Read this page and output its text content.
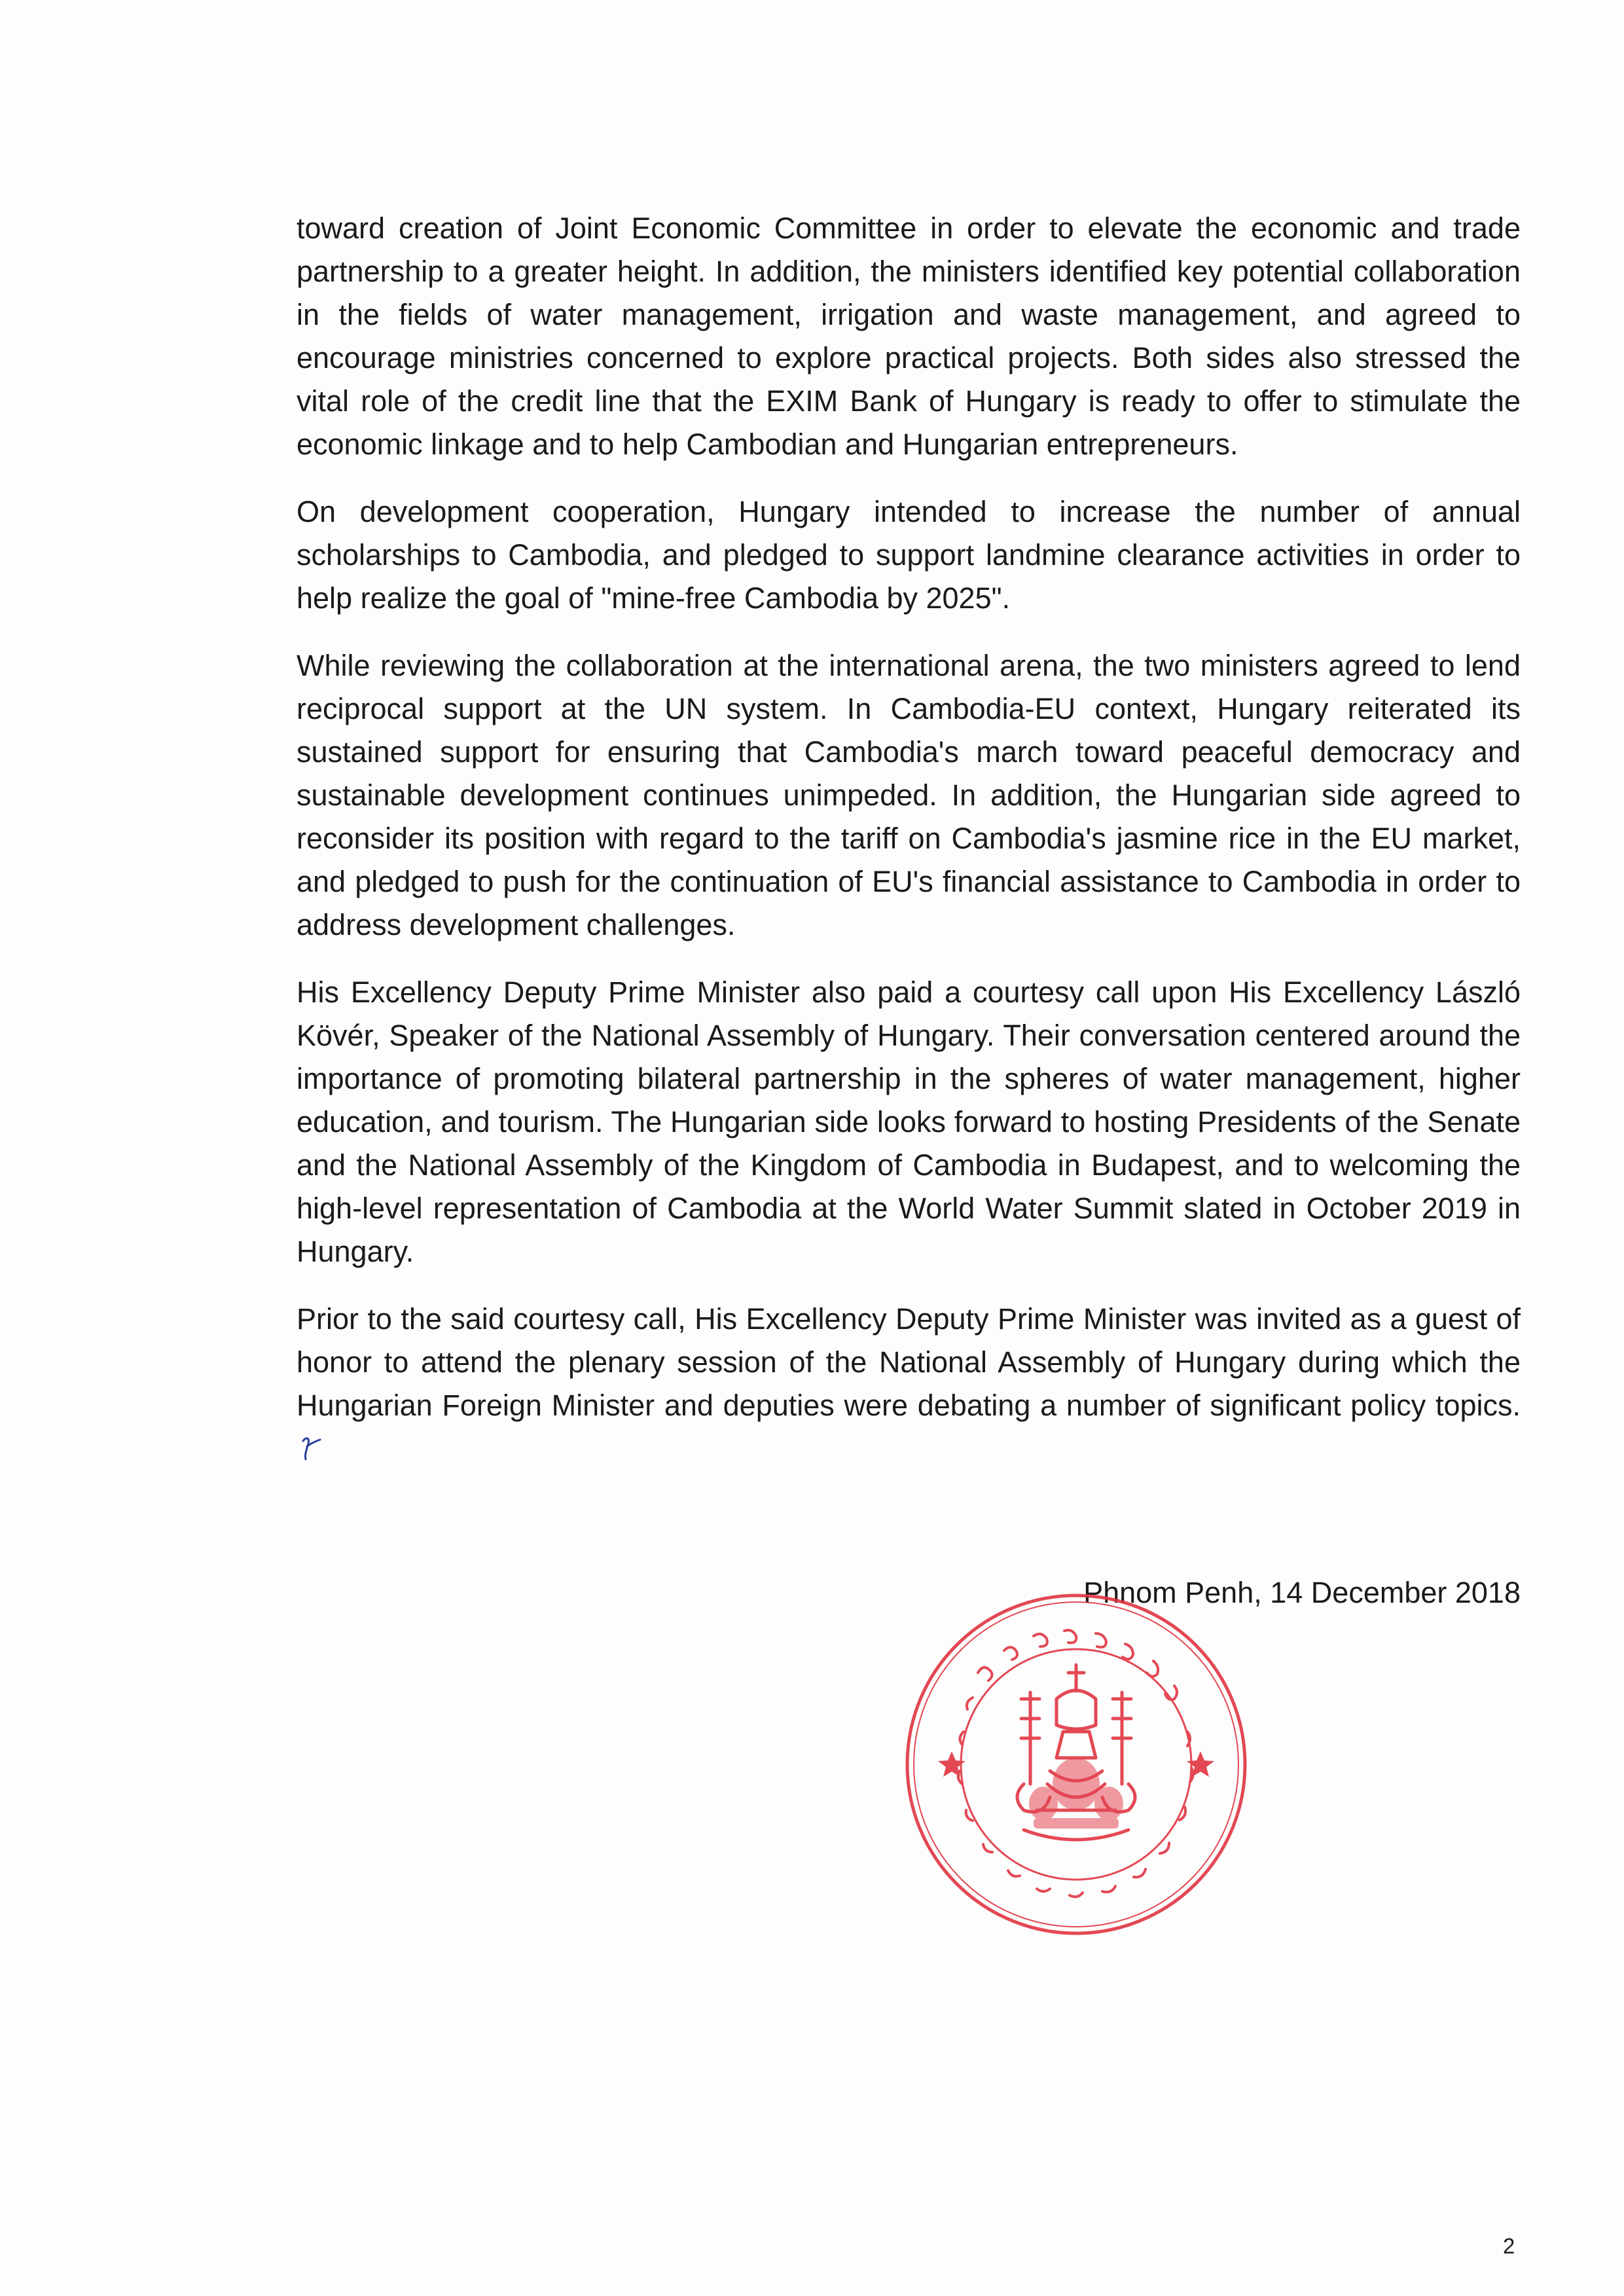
toward creation of Joint Economic Committee in order to elevate the economic and trade partnership to a greater height. In addition, the ministers identified key potential collaboration in the fields of water management, irrigation and waste management, and agreed to encourage ministries concerned to explore practical projects. Both sides also stressed the vital role of the credit line that the EXIM Bank of Hungary is ready to offer to stimulate the economic linkage and to help Cambodian and Hungarian entrepreneurs.

On development cooperation, Hungary intended to increase the number of annual scholarships to Cambodia, and pledged to support landmine clearance activities in order to help realize the goal of "mine-free Cambodia by 2025".

While reviewing the collaboration at the international arena, the two ministers agreed to lend reciprocal support at the UN system. In Cambodia-EU context, Hungary reiterated its sustained support for ensuring that Cambodia's march toward peaceful democracy and sustainable development continues unimpeded. In addition, the Hungarian side agreed to reconsider its position with regard to the tariff on Cambodia's jasmine rice in the EU market, and pledged to push for the continuation of EU's financial assistance to Cambodia in order to address development challenges.

His Excellency Deputy Prime Minister also paid a courtesy call upon His Excellency László Kövér, Speaker of the National Assembly of Hungary. Their conversation centered around the importance of promoting bilateral partnership in the spheres of water management, higher education, and tourism. The Hungarian side looks forward to hosting Presidents of the Senate and the National Assembly of the Kingdom of Cambodia in Budapest, and to welcoming the high-level representation of Cambodia at the World Water Summit slated in October 2019 in Hungary.

Prior to the said courtesy call, His Excellency Deputy Prime Minister was invited as a guest of honor to attend the plenary session of the National Assembly of Hungary during which the Hungarian Foreign Minister and deputies were debating a number of significant policy topics.

Phnom Penh, 14 December 2018
2
